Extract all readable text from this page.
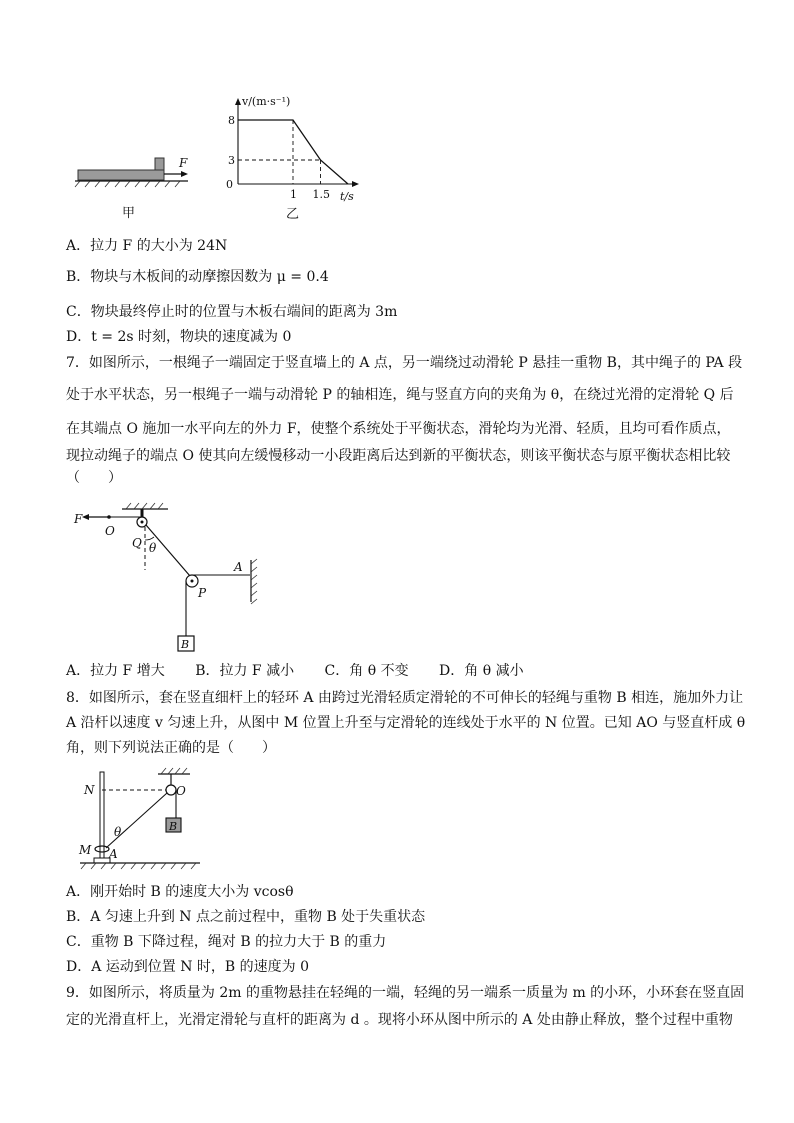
F
甲
v/(m·s⁻¹)
t/s
0
3
8
1 1.5
乙
A．拉力 F 的大小为 24N
B．物块与木板间的动摩擦因数为 μ = 0.4
C．物块最终停止时的位置与木板右端间的距离为 3m
D．t = 2s 时刻，物块的速度减为 0
7．如图所示，一根绳子一端固定于竖直墙上的 A 点，另一端绕过动滑轮 P 悬挂一重物 B，其中绳子的 PA 段
处于水平状态，另一根绳子一端与动滑轮 P 的轴相连，绳与竖直方向的夹角为 θ，在绕过光滑的定滑轮 Q 后
在其端点 O 施加一水平向左的外力 F，使整个系统处于平衡状态，滑轮均为光滑、轻质，且均可看作质点，
现拉动绳子的端点 O 使其向左缓慢移动一小段距离后达到新的平衡状态，则该平衡状态与原平衡状态相比较
（　　）
F
O
Q θ
P
A
B
A．拉力 F 增大 B．拉力 F 减小 C．角 θ 不变 D．角 θ 减小
8．如图所示，套在竖直细杆上的轻环 A 由跨过光滑轻质定滑轮的不可伸长的轻绳与重物 B 相连，施加外力让
A 沿杆以速度 v 匀速上升，从图中 M 位置上升至与定滑轮的连线处于水平的 N 位置。已知 AO 与竖直杆成 θ
角，则下列说法正确的是（　　）
O
N
θ
M A
B
A．刚开始时 B 的速度大小为 vcosθ
B．A 匀速上升到 N 点之前过程中，重物 B 处于失重状态
C．重物 B 下降过程，绳对 B 的拉力大于 B 的重力
D．A 运动到位置 N 时，B 的速度为 0
9．如图所示，将质量为 2m 的重物悬挂在轻绳的一端，轻绳的另一端系一质量为 m 的小环，小环套在竖直固
定的光滑直杆上，光滑定滑轮与直杆的距离为 d 。现将小环从图中所示的 A 处由静止释放，整个过程中重物
